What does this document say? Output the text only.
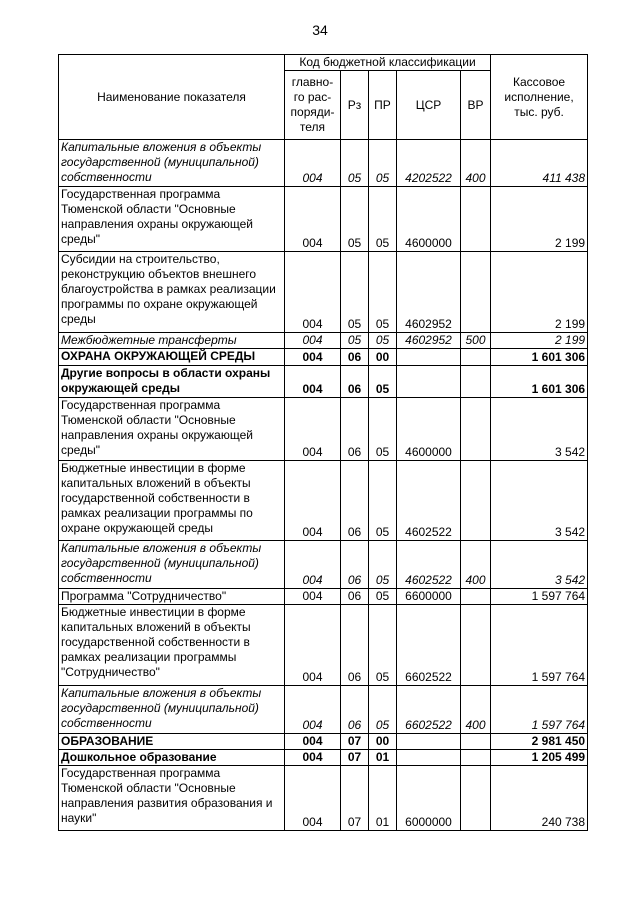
34
Наименование показателя	Код бюджетной классификации					Кассовое исполнение, тыс. руб.
	главно-го рас-поряди-теля	Рз	ПР	ЦСР	ВР	
Капитальные вложения в объекты государственной (муниципальной) собственности	004	05	05	4202522	400	411 438
Государственная программа Тюменской области "Основные направления охраны окружающей среды"	004	05	05	4600000		2 199
Субсидии на строительство, реконструкцию объектов внешнего благоустройства в рамках реализации программы по охране окружающей среды	004	05	05	4602952		2 199
Межбюджетные трансферты	004	05	05	4602952	500	2 199
ОХРАНА ОКРУЖАЮЩЕЙ СРЕДЫ	004	06	00			1 601 306
Другие вопросы в области охраны окружающей среды	004	06	05			1 601 306
Государственная программа Тюменской области "Основные направления охраны окружающей среды"	004	06	05	4600000		3 542
Бюджетные инвестиции в форме капитальных вложений в объекты государственной собственности в рамках реализации программы по охране окружающей среды	004	06	05	4602522		3 542
Капитальные вложения в объекты государственной (муниципальной) собственности	004	06	05	4602522	400	3 542
Программа "Сотрудничество"	004	06	05	6600000		1 597 764
Бюджетные инвестиции в форме капитальных вложений в объекты государственной собственности в рамках реализации программы "Сотрудничество"	004	06	05	6602522		1 597 764
Капитальные вложения в объекты государственной (муниципальной) собственности	004	06	05	6602522	400	1 597 764
ОБРАЗОВАНИЕ	004	07	00			2 981 450
Дошкольное образование	004	07	01			1 205 499
Государственная программа Тюменской области "Основные направления развития образования и науки"	004	07	01	6000000		240 738
